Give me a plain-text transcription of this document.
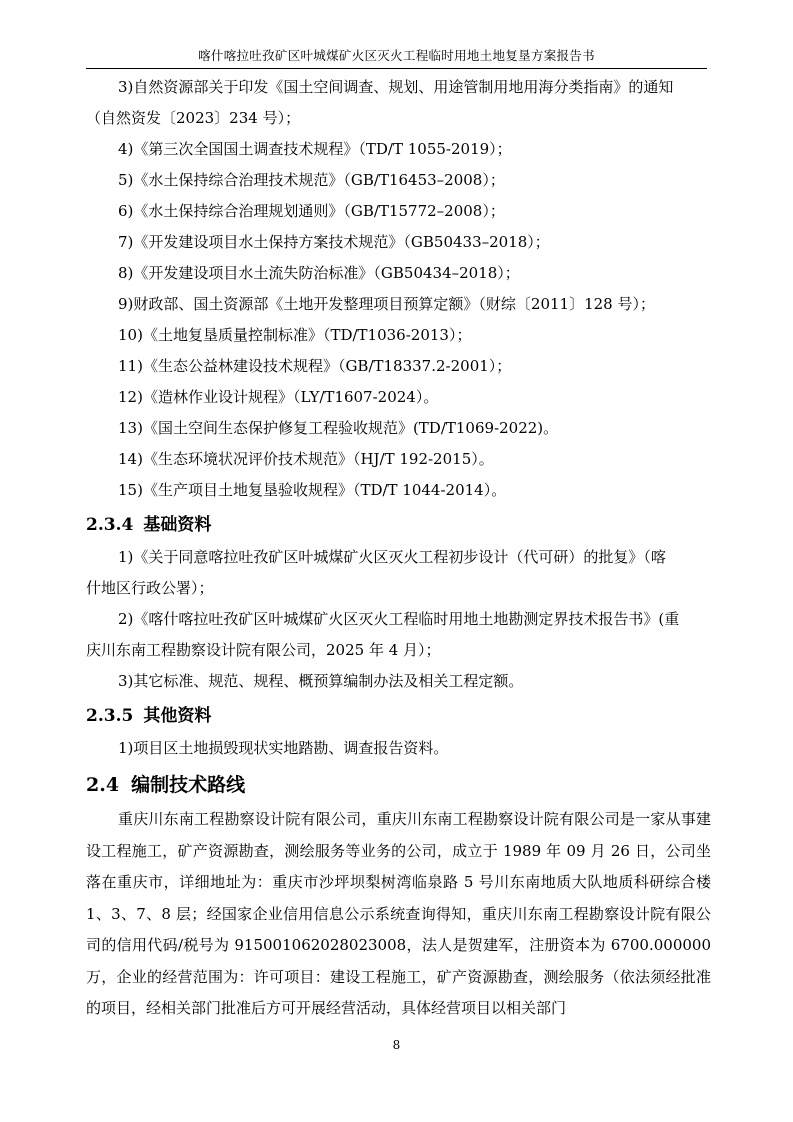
喀什喀拉吐孜矿区叶城煤矿火区灭火工程临时用地土地复垦方案报告书

3)自然资源部关于印发《国土空间调查、规划、用途管制用地用海分类指南》的通知

（自然资发〔2023〕234 号）；

4)《第三次全国国土调查技术规程》（TD/T 1055-2019）；

5)《水土保持综合治理技术规范》（GB/T16453–2008）；

6)《水土保持综合治理规划通则》（GB/T15772–2008）；

7)《开发建设项目水土保持方案技术规范》（GB50433–2018）；

8)《开发建设项目水土流失防治标准》（GB50434–2018）；

9)财政部、国土资源部《土地开发整理项目预算定额》（财综〔2011〕128 号）；

10)《土地复垦质量控制标准》（TD/T1036-2013）；

11)《生态公益林建设技术规程》（GB/T18337.2-2001）；

12)《造林作业设计规程》（LY/T1607-2024）。

13)《国土空间生态保护修复工程验收规范》(TD/T1069-2022)。

14)《生态环境状况评价技术规范》（HJ/T 192-2015）。

15)《生产项目土地复垦验收规程》（TD/T 1044-2014）。

2.3.4 基础资料

1)《关于同意喀拉吐孜矿区叶城煤矿火区灭火工程初步设计（代可研）的批复》（喀

什地区行政公署）；

2)《喀什喀拉吐孜矿区叶城煤矿火区灭火工程临时用地土地勘测定界技术报告书》(重

庆川东南工程勘察设计院有限公司，2025 年 4 月）；

3)其它标准、规范、规程、概预算编制办法及相关工程定额。

2.3.5 其他资料

1)项目区土地损毁现状实地踏勘、调查报告资料。

2.4 编制技术路线

重庆川东南工程勘察设计院有限公司，重庆川东南工程勘察设计院有限公司是一家从事建设工程施工，矿产资源勘查，测绘服务等业务的公司，成立于 1989 年 09 月 26 日，公司坐落在重庆市，详细地址为：重庆市沙坪坝梨树湾临泉路 5 号川东南地质大队地质科研综合楼 1、3、7、8 层；经国家企业信用信息公示系统查询得知，重庆川东南工程勘察设计院有限公司的信用代码/税号为 915001062028023008，法人是贺建军，注册资本为 6700.000000 万，企业的经营范围为：许可项目：建设工程施工，矿产资源勘查，测绘服务（依法须经批准的项目，经相关部门批准后方可开展经营活动，具体经营项目以相关部门

8
